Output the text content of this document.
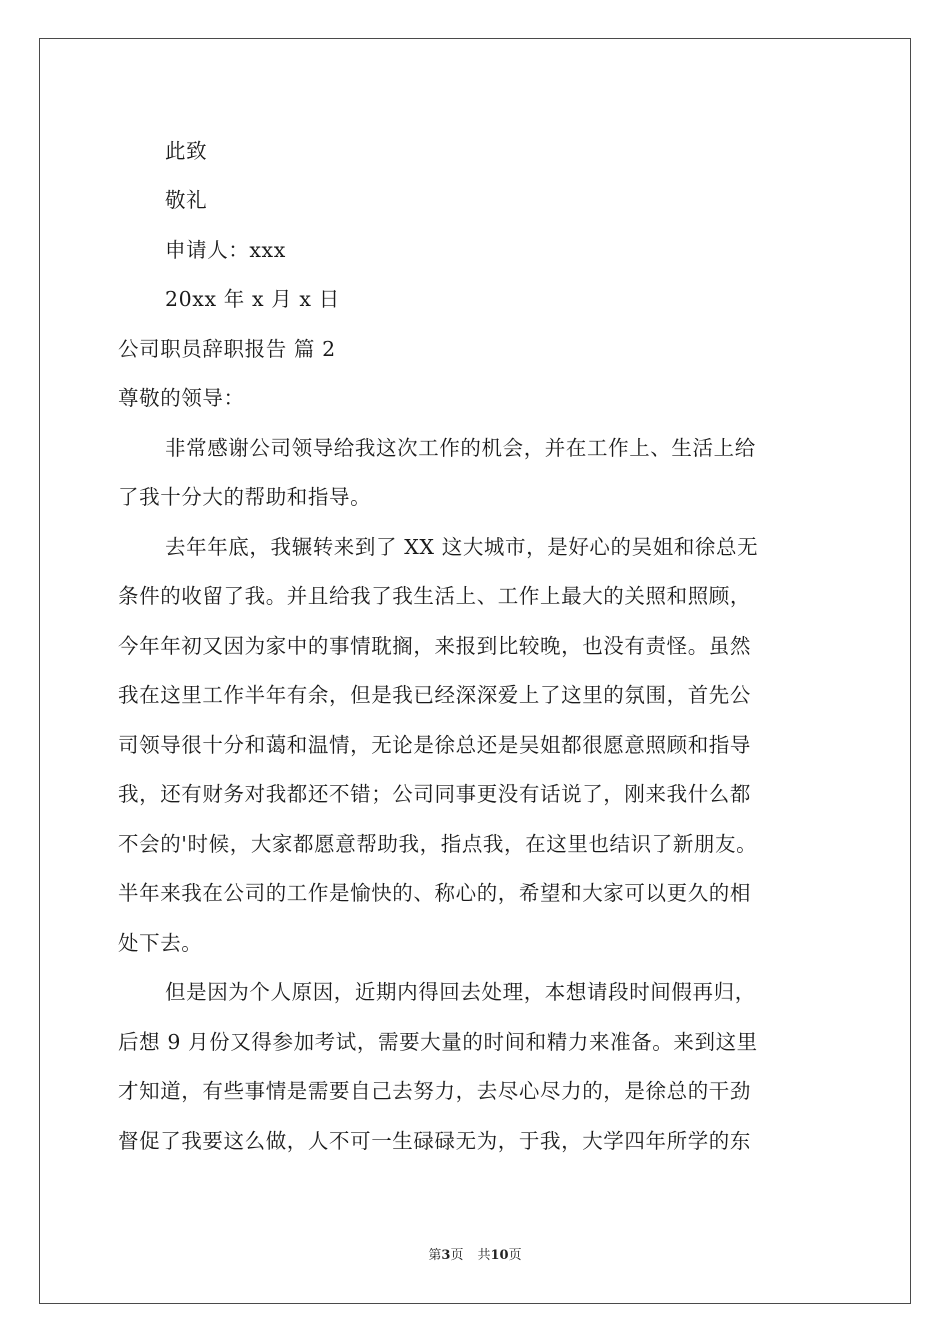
此致
敬礼
申请人：xxx
20xx 年 x 月 x 日
公司职员辞职报告 篇 2
尊敬的领导：
非常感谢公司领导给我这次工作的机会，并在工作上、生活上给
了我十分大的帮助和指导。
去年年底，我辗转来到了 XX 这大城市，是好心的吴姐和徐总无
条件的收留了我。并且给我了我生活上、工作上最大的关照和照顾，
今年年初又因为家中的事情耽搁，来报到比较晚，也没有责怪。虽然
我在这里工作半年有余，但是我已经深深爱上了这里的氛围，首先公
司领导很十分和蔼和温情，无论是徐总还是吴姐都很愿意照顾和指导
我，还有财务对我都还不错；公司同事更没有话说了，刚来我什么都
不会的'时候，大家都愿意帮助我，指点我，在这里也结识了新朋友。
半年来我在公司的工作是愉快的、称心的，希望和大家可以更久的相
处下去。
但是因为个人原因，近期内得回去处理，本想请段时间假再归，
后想 9 月份又得参加考试，需要大量的时间和精力来准备。来到这里
才知道，有些事情是需要自己去努力，去尽心尽力的，是徐总的干劲
督促了我要这么做，人不可一生碌碌无为，于我，大学四年所学的东
第3页 共10页
